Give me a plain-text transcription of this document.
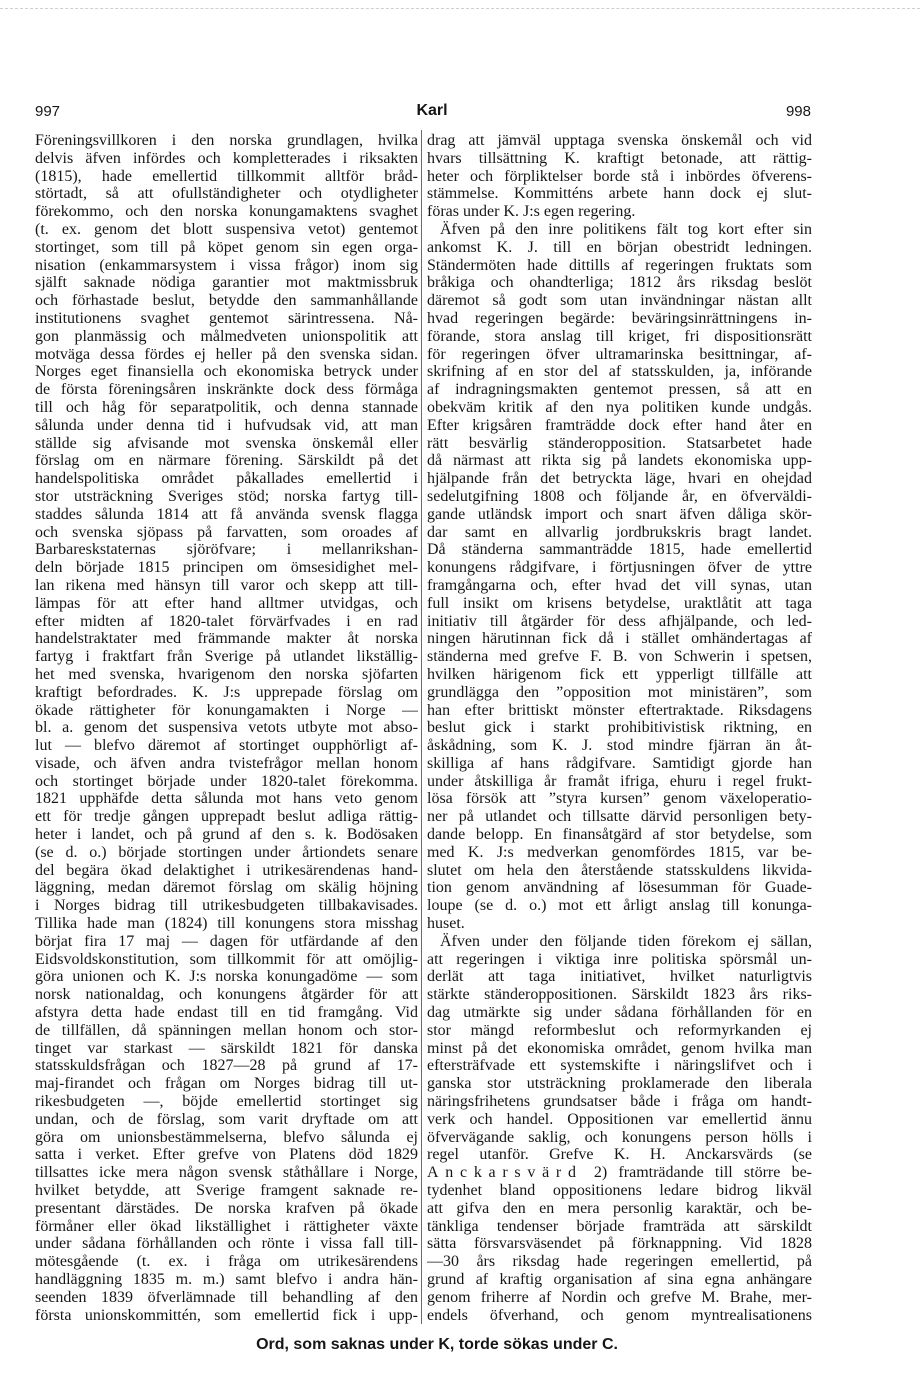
997	Karl	998
Föreningsvillkoren i den norska grundlagen, hvilka
delvis äfven infördes och kompletterades i riksakten
(1815), hade emellertid tillkommit alltför bråd-
störtadt, så att ofullständigheter och otydligheter
förekommo, och den norska konungamaktens svaghet
(t. ex. genom det blott suspensiva vetot) gentemot
stortinget, som till på köpet genom sin egen orga-
nisation (enkammarsystem i vissa frågor) inom sig
själft saknade nödiga garantier mot maktmissbruk
och förhastade beslut, betydde den sammanhållande
institutionens svaghet gentemot särintressena. Nå-
gon planmässig och målmedveten unionspolitik att
motväga dessa fördes ej heller på den svenska sidan.
Norges eget finansiella och ekonomiska betryck under
de första föreningsåren inskränkte dock dess förmåga
till och håg för separatpolitik, och denna stannade
sålunda under denna tid i hufvudsak vid, att man
ställde sig afvisande mot svenska önskemål eller
förslag om en närmare förening. Särskildt på det
handelspolitiska området påkallades emellertid i
stor utsträckning Sveriges stöd; norska fartyg till-
staddes sålunda 1814 att få använda svensk flagga
och svenska sjöpass på farvatten, som oroades af
Barbareskstaternas sjöröfvare; i mellanrikshan-
deln började 1815 principen om ömsesidighet mel-
lan rikena med hänsyn till varor och skepp att till-
lämpas för att efter hand alltmer utvidgas, och
efter midten af 1820-talet förvärfvades i en rad
handelstraktater med främmande makter åt norska
fartyg i fraktfart från Sverige på utlandet likställig-
het med svenska, hvarigenom den norska sjöfarten
kraftigt befordrades. K. J:s upprepade förslag om
ökade rättigheter för konungamakten i Norge —
bl. a. genom det suspensiva vetots utbyte mot abso-
lut — blefvo däremot af stortinget oupphörligt af-
visade, och äfven andra tvistefrågor mellan honom
och stortinget började under 1820-talet förekomma.
1821 upphäfde detta sålunda mot hans veto genom
ett för tredje gången upprepadt beslut adliga rättig-
heter i landet, och på grund af den s. k. Bodösaken
(se d. o.) började stortingen under årtiondets senare
del begära ökad delaktighet i utrikesärendenas hand-
läggning, medan däremot förslag om skälig höjning
i Norges bidrag till utrikesbudgeten tillbakavisades.
Tillika hade man (1824) till konungens stora misshag
börjat fira 17 maj — dagen för utfärdande af den
Eidsvoldskonstitution, som tillkommit för att omöjlig-
göra unionen och K. J:s norska konungadöme — som
norsk nationaldag, och konungens åtgärder för att
afstyra detta hade endast till en tid framgång. Vid
de tillfällen, då spänningen mellan honom och stor-
tinget var starkast — särskildt 1821 för danska
statsskuldsfrågan och 1827—28 på grund af 17-
maj-firandet och frågan om Norges bidrag till ut-
rikesbudgeten —, böjde emellertid stortinget sig
undan, och de förslag, som varit dryftade om att
göra om unionsbestämmelserna, blefvo sålunda ej
satta i verket. Efter grefve von Platens död 1829
tillsattes icke mera någon svensk ståthållare i Norge,
hvilket betydde, att Sverige framgent saknade re-
presentant därstädes. De norska krafven på ökade
förmåner eller ökad likställighet i rättigheter växte
under sådana förhållanden och rönte i vissa fall till-
mötesgående (t. ex. i fråga om utrikesärendens
handläggning 1835 m. m.) samt blefvo i andra hän-
seenden 1839 öfverlämnade till behandling af den
första unionskommittén, som emellertid fick i upp-
drag att jämväl upptaga svenska önskemål och vid
hvars tillsättning K. kraftigt betonade, att rättig-
heter och förpliktelser borde stå i inbördes öfverens-
stämmelse. Kommitténs arbete hann dock ej slut-
föras under K. J:s egen regering.
Äfven på den inre politikens fält tog kort efter sin
ankomst K. J. till en början obestridt ledningen.
Ständermöten hade dittills af regeringen fruktats som
bråkiga och ohandterliga; 1812 års riksdag beslöt
däremot så godt som utan invändningar nästan allt
hvad regeringen begärde: beväringsinrättningens in-
förande, stora anslag till kriget, fri dispositionsrätt
för regeringen öfver ultramarinska besittningar, af-
skrifning af en stor del af statsskulden, ja, införande
af indragningsmakten gentemot pressen, så att en
obekväm kritik af den nya politiken kunde undgås.
Efter krigsåren framträdde dock efter hand åter en
rätt besvärlig ständeropposition. Statsarbetet hade
då närmast att rikta sig på landets ekonomiska upp-
hjälpande från det betryckta läge, hvari en ohejdad
sedelutgifning 1808 och följande år, en öfverväldi-
gande utländsk import och snart äfven dåliga skör-
dar samt en allvarlig jordbrukskris bragt landet.
Då ständerna sammanträdde 1815, hade emellertid
konungens rådgifvare, i förtjusningen öfver de yttre
framgångarna och, efter hvad det vill synas, utan
full insikt om krisens betydelse, uraktlåtit att taga
initiativ till åtgärder för dess afhjälpande, och led-
ningen härutinnan fick då i stället omhändertagas af
ständerna med grefve F. B. von Schwerin i spetsen,
hvilken härigenom fick ett ypperligt tillfälle att
grundlägga den ”opposition mot ministären”, som
han efter brittiskt mönster eftertraktade. Riksdagens
beslut gick i starkt prohibitivistisk riktning, en
åskådning, som K. J. stod mindre fjärran än åt-
skilliga af hans rådgifvare. Samtidigt gjorde han
under åtskilliga år framåt ifriga, ehuru i regel frukt-
lösa försök att ”styra kursen” genom växeloperatio-
ner på utlandet och tillsatte därvid personligen bety-
dande belopp. En finansåtgärd af stor betydelse, som
med K. J:s medverkan genomfördes 1815, var be-
slutet om hela den återstående statsskuldens likvida-
tion genom användning af lösesumman för Guade-
loupe (se d. o.) mot ett årligt anslag till konunga-
huset.
Äfven under den följande tiden förekom ej sällan,
att regeringen i viktiga inre politiska spörsmål un-
derlät att taga initiativet, hvilket naturligtvis
stärkte ständeroppositionen. Särskildt 1823 års riks-
dag utmärkte sig under sådana förhållanden för en
stor mängd reformbeslut och reformyrkanden ej
minst på det ekonomiska området, genom hvilka man
eftersträfvade ett systemskifte i näringslifvet och i
ganska stor utsträckning proklamerade den liberala
näringsfrihetens grundsatser både i fråga om handt-
verk och handel. Oppositionen var emellertid ännu
öfvervägande saklig, och konungens person hölls i
regel utanför. Grefve K. H. Anckarsvärds (se
Anckarsvärd 2) framträdande till större be-
tydenhet bland oppositionens ledare bidrog likväl
att gifva den en mera personlig karaktär, och be-
tänkliga tendenser började framträda att särskildt
sätta försvarsväsendet på förknappning. Vid 1828
—30 års riksdag hade regeringen emellertid, på
grund af kraftig organisation af sina egna anhängare
genom friherre af Nordin och grefve M. Brahe, mer-
endels öfverhand, och genom myntrealisationens
Ord, som saknas under K, torde sökas under C.
